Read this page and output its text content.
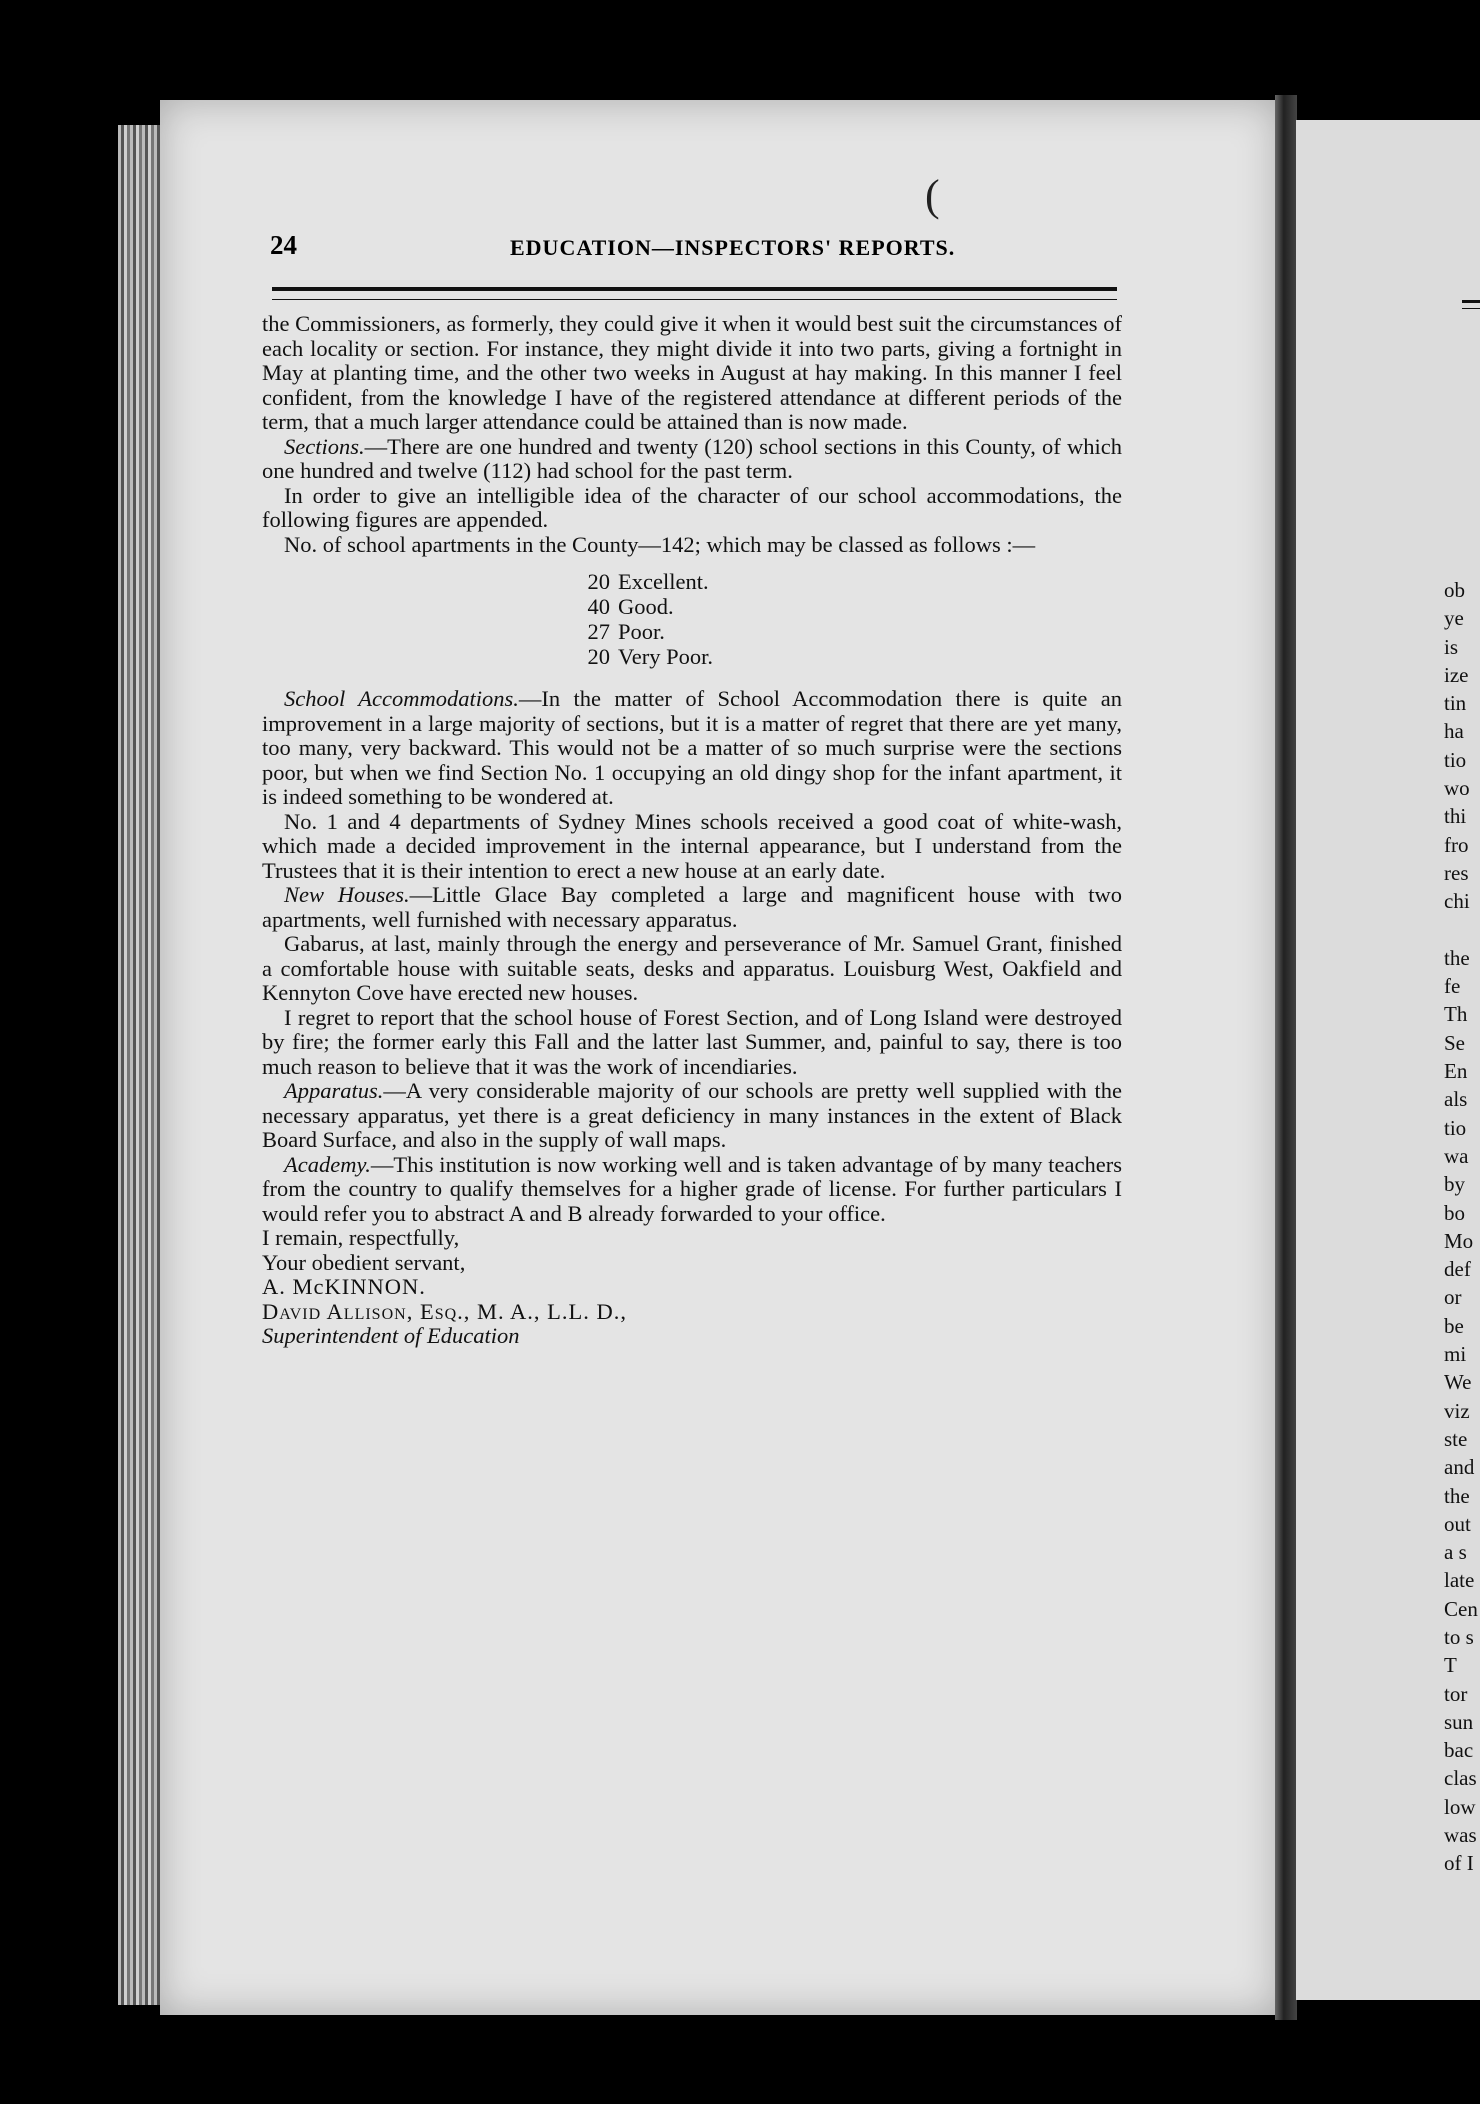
(
24	EDUCATION—INSPECTORS' REPORTS.

the Commissioners, as formerly, they could give it when it would best suit the circumstances of each locality or section. For instance, they might divide it into two parts, giving a fortnight in May at planting time, and the other two weeks in August at hay making. In this manner I feel confident, from the knowledge I have of the registered attendance at different periods of the term, that a much larger attendance could be attained than is now made.

Sections.—There are one hundred and twenty (120) school sections in this County, of which one hundred and twelve (112) had school for the past term.

In order to give an intelligible idea of the character of our school accommodations, the following figures are appended.

No. of school apartments in the County—142; which may be classed as follows :—

20 Excellent.
40 Good.
27 Poor.
20 Very Poor.

School Accommodations.—In the matter of School Accommodation there is quite an improvement in a large majority of sections, but it is a matter of regret that there are yet many, too many, very backward. This would not be a matter of so much surprise were the sections poor, but when we find Section No. 1 occupying an old dingy shop for the infant apartment, it is indeed something to be wondered at.

No. 1 and 4 departments of Sydney Mines schools received a good coat of white-wash, which made a decided improvement in the internal appearance, but I understand from the Trustees that it is their intention to erect a new house at an early date.

New Houses.—Little Glace Bay completed a large and magnificent house with two apartments, well furnished with necessary apparatus.

Gabarus, at last, mainly through the energy and perseverance of Mr. Samuel Grant, finished a comfortable house with suitable seats, desks and apparatus. Louisburg West, Oakfield and Kennyton Cove have erected new houses.

I regret to report that the school house of Forest Section, and of Long Island were destroyed by fire; the former early this Fall and the latter last Summer, and, painful to say, there is too much reason to believe that it was the work of incendiaries.

Apparatus.—A very considerable majority of our schools are pretty well supplied with the necessary apparatus, yet there is a great deficiency in many instances in the extent of Black Board Surface, and also in the supply of wall maps.

Academy.—This institution is now working well and is taken advantage of by many teachers from the country to qualify themselves for a higher grade of license. For further particulars I would refer you to abstract A and B already forwarded to your office.

I remain, respectfully,

Your obedient servant,

A. McKINNON.

David Allison, Esq., M. A., L.L. D.,

Superintendent of Education

ob
ye
is
ize
tin
ha
tio
wo
thi
fro
res
chi
the
fe
Th
Se
En
als
tio
wa
by
bo
Mo
def
or
be
mi
We
viz
ste
and
the
out
a s
late
Cen
to s
T
tor
sun
bac
clas
low
was
of I
